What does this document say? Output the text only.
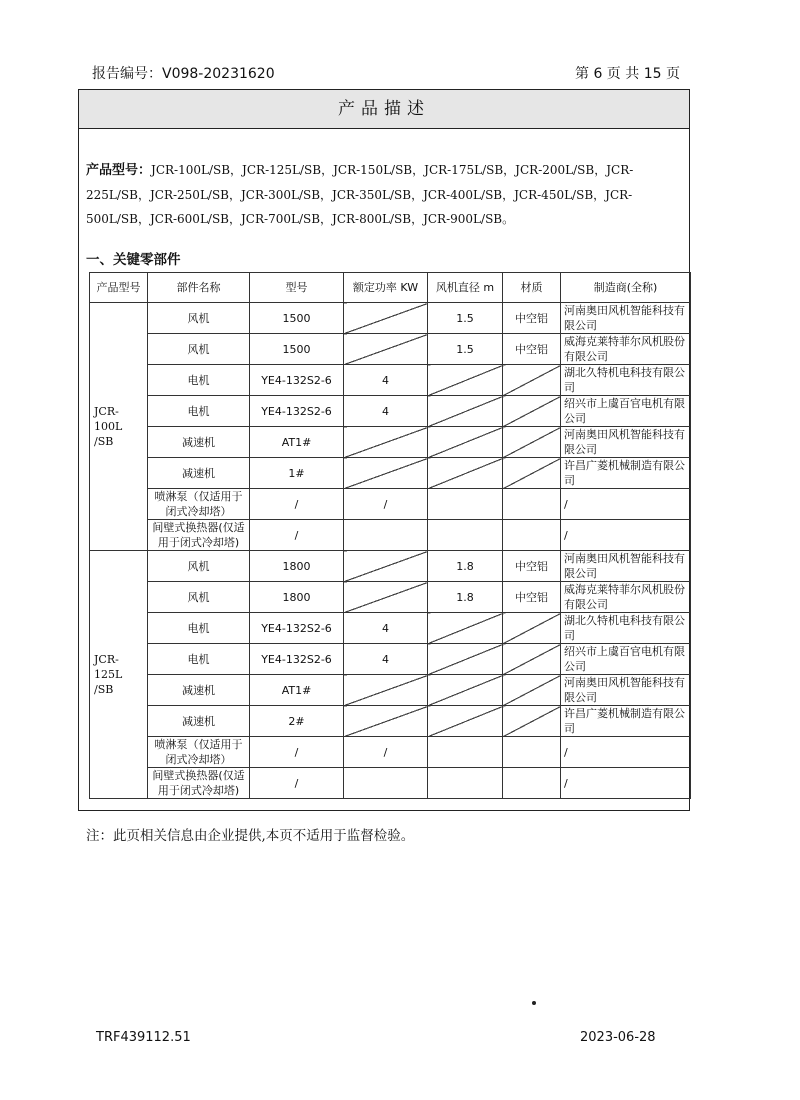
报告编号：V098-20231620	第 6 页 共 15 页
产品描述
产品型号：JCR-100L/SB，JCR-125L/SB，JCR-150L/SB，JCR-175L/SB，JCR-200L/SB，JCR-225L/SB，JCR-250L/SB，JCR-300L/SB，JCR-350L/SB，JCR-400L/SB，JCR-450L/SB，JCR-500L/SB，JCR-600L/SB，JCR-700L/SB，JCR-800L/SB，JCR-900L/SB。
一、关键零部件
产品型号	部件名称	型号	额定功率 KW	风机直径 m	材质	制造商(全称)
JCR-100L /SB	风机	1500		1.5	中空铝	河南奥田风机智能科技有限公司
	风机	1500		1.5	中空铝	威海克莱特菲尔风机股份有限公司
	电机	YE4-132S2-6	4			湖北久特机电科技有限公司
	电机	YE4-132S2-6	4			绍兴市上虞百官电机有限公司
	减速机	AT1#				河南奥田风机智能科技有限公司
	减速机	1#				许昌广菱机械制造有限公司
	喷淋泵（仅适用于闭式冷却塔）	/	/			/
	间壁式换热器(仅适用于闭式冷却塔)	/				/
JCR-125L /SB	风机	1800		1.8	中空铝	河南奥田风机智能科技有限公司
	风机	1800		1.8	中空铝	威海克莱特菲尔风机股份有限公司
	电机	YE4-132S2-6	4			湖北久特机电科技有限公司
	电机	YE4-132S2-6	4			绍兴市上虞百官电机有限公司
	减速机	AT1#				河南奥田风机智能科技有限公司
	减速机	2#				许昌广菱机械制造有限公司
	喷淋泵（仅适用于闭式冷却塔）	/	/			/
	间壁式换热器(仅适用于闭式冷却塔)	/				/
注：此页相关信息由企业提供,本页不适用于监督检验。
TRF439112.51	2023-06-28
